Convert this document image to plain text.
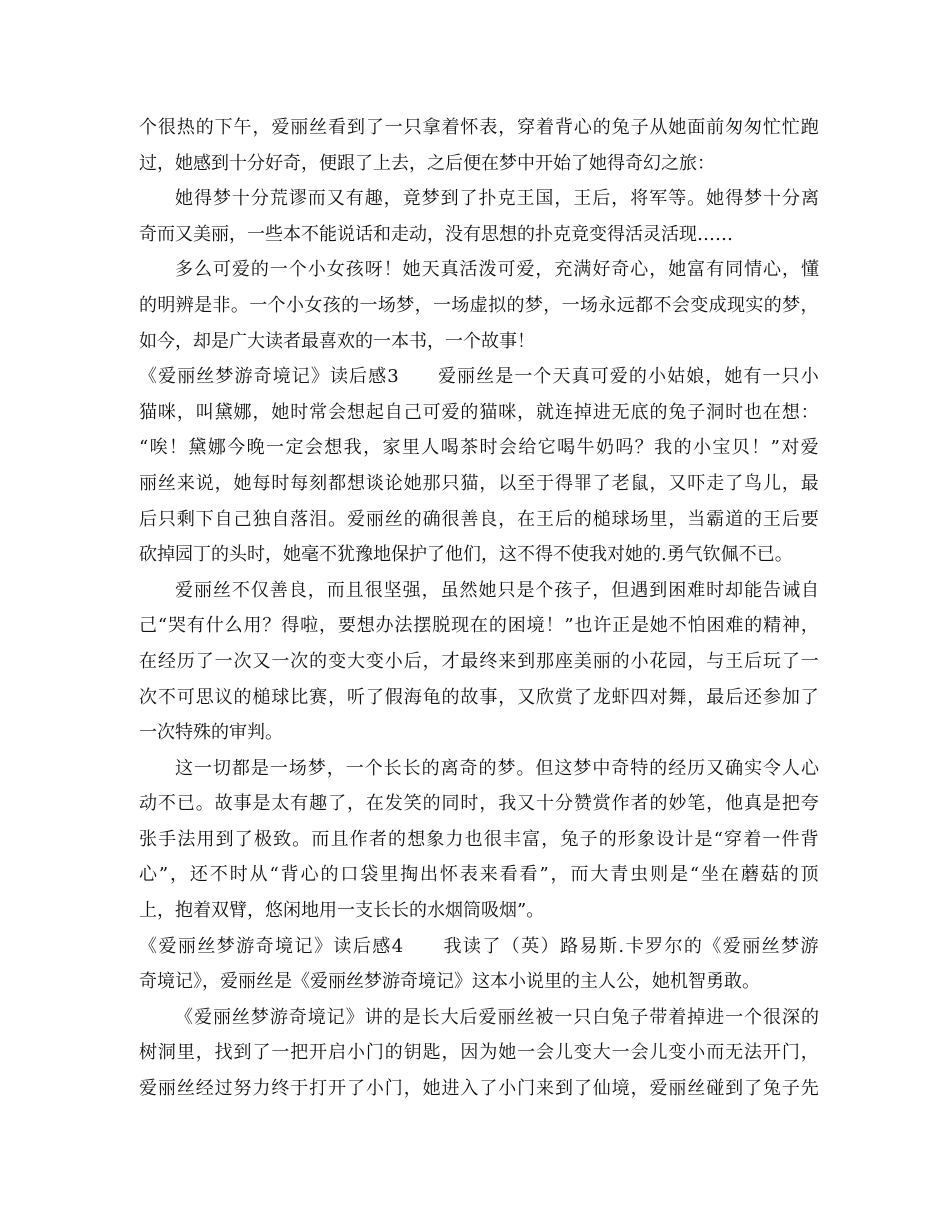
个 很 热 的 下 午 ， 爱 丽 丝 看 到 了 一 只 拿 着 怀 表 ， 穿 着 背 心 的 兔 子 从 她 面 前 匆 匆 忙 忙 跑
过，她感到十分好奇，便跟了上去，之后便在梦中开始了她得奇幻之旅：
她 得 梦 十 分 荒 谬 而 又 有 趣 ， 竟 梦 到 了 扑 克 王 国 ， 王 后 ， 将 军 等 。 她 得 梦 十 分 离
奇而又美丽，一些本不能说话和走动，没有思想的扑克竟变得活灵活现……
多 么 可 爱 的 一 个 小 女 孩 呀 ！ 她 天 真 活 泼 可 爱 ， 充 满 好 奇 心 ， 她 富 有 同 情 心 ， 懂
的 明 辨 是 非 。 一 个 小 女 孩 的 一 场 梦 ， 一 场 虚 拟 的 梦 ， 一 场 永 远 都 不 会 变 成 现 实 的 梦 ，
如今，却是广大读者最喜欢的一本书，一个故事！
《 爱 丽 丝 梦 游 奇 境 记 》 读 后 感 3

　 爱 丽 丝 是 一 个 天 真 可 爱 的 小 姑 娘 ， 她 有 一 只 小
猫 咪 ， 叫 黛 娜 ， 她 时 常 会 想 起 自 己 可 爱 的 猫 咪 ， 就 连 掉 进 无 底 的 兔 子 洞 时 也 在 想 ：
“ 唉 ！ 黛 娜 今 晚 一 定 会 想 我 ， 家 里 人 喝 茶 时 会 给 它 喝 牛 奶 吗 ？ 我 的 小 宝 贝 ！ ” 对 爱
丽 丝 来 说 ， 她 每 时 每 刻 都 想 谈 论 她 那 只 猫 ， 以 至 于 得 罪 了 老 鼠 ， 又 吓 走 了 鸟 儿 ， 最
后 只 剩 下 自 己 独 自 落 泪 。 爱 丽 丝 的 确 很 善 良 ， 在 王 后 的 槌 球 场 里 ， 当 霸 道 的 王 后 要
砍掉园丁的头时，她毫不犹豫地保护了他们，这不得不使我对她的.勇气钦佩不已。
爱 丽 丝 不 仅 善 良 ， 而 且 很 坚 强 ， 虽 然 她 只 是 个 孩 子 ， 但 遇 到 困 难 时 却 能 告 诫 自
己 “ 哭 有 什 么 用 ？ 得 啦 ， 要 想 办 法 摆 脱 现 在 的 困 境 ！ ” 也 许 正 是 她 不 怕 困 难 的 精 神 ，
在 经 历 了 一 次 又 一 次 的 变 大 变 小 后 ， 才 最 终 来 到 那 座 美 丽 的 小 花 园 ， 与 王 后 玩 了 一
次 不 可 思 议 的 槌 球 比 赛 ， 听 了 假 海 龟 的 故 事 ， 又 欣 赏 了 龙 虾 四 对 舞 ， 最 后 还 参 加 了
一次特殊的审判。
这 一 切 都 是 一 场 梦 ， 一 个 长 长 的 离 奇 的 梦 。 但 这 梦 中 奇 特 的 经 历 又 确 实 令 人 心
动 不 已 。 故 事 是 太 有 趣 了 ， 在 发 笑 的 同 时 ， 我 又 十 分 赞 赏 作 者 的 妙 笔 ， 他 真 是 把 夸
张 手 法 用 到 了 极 致 。 而 且 作 者 的 想 象 力 也 很 丰 富 ， 兔 子 的 形 象 设 计 是 “ 穿 着 一 件 背
心 ” ， 还 不 时 从 “ 背 心 的 口 袋 里 掏 出 怀 表 来 看 看 ” ， 而 大 青 虫 则 是 “ 坐 在 蘑 菇 的 顶
上，抱着双臂，悠闲地用一支长长的水烟筒吸烟”。
《 爱 丽 丝 梦 游 奇 境 记 》 读 后 感 4

　 我 读 了 （ 英 ） 路 易 斯 . 卡 罗 尔 的 《 爱 丽 丝 梦 游
奇境记》，爱丽丝是《爱丽丝梦游奇境记》这本小说里的主人公，她机智勇敢。
《 爱 丽 丝 梦 游 奇 境 记 》 讲 的 是 长 大 后 爱 丽 丝 被 一 只 白 兔 子 带 着 掉 进 一 个 很 深 的
树 洞 里 ， 找 到 了 一 把 开 启 小 门 的 钥 匙 ， 因 为 她 一 会 儿 变 大 一 会 儿 变 小 而 无 法 开 门 ，
爱 丽 丝 经 过 努 力 终 于 打 开 了 小 门 ， 她 进 入 了 小 门 来 到 了 仙 境 ， 爱 丽 丝 碰 到 了 兔 子 先
